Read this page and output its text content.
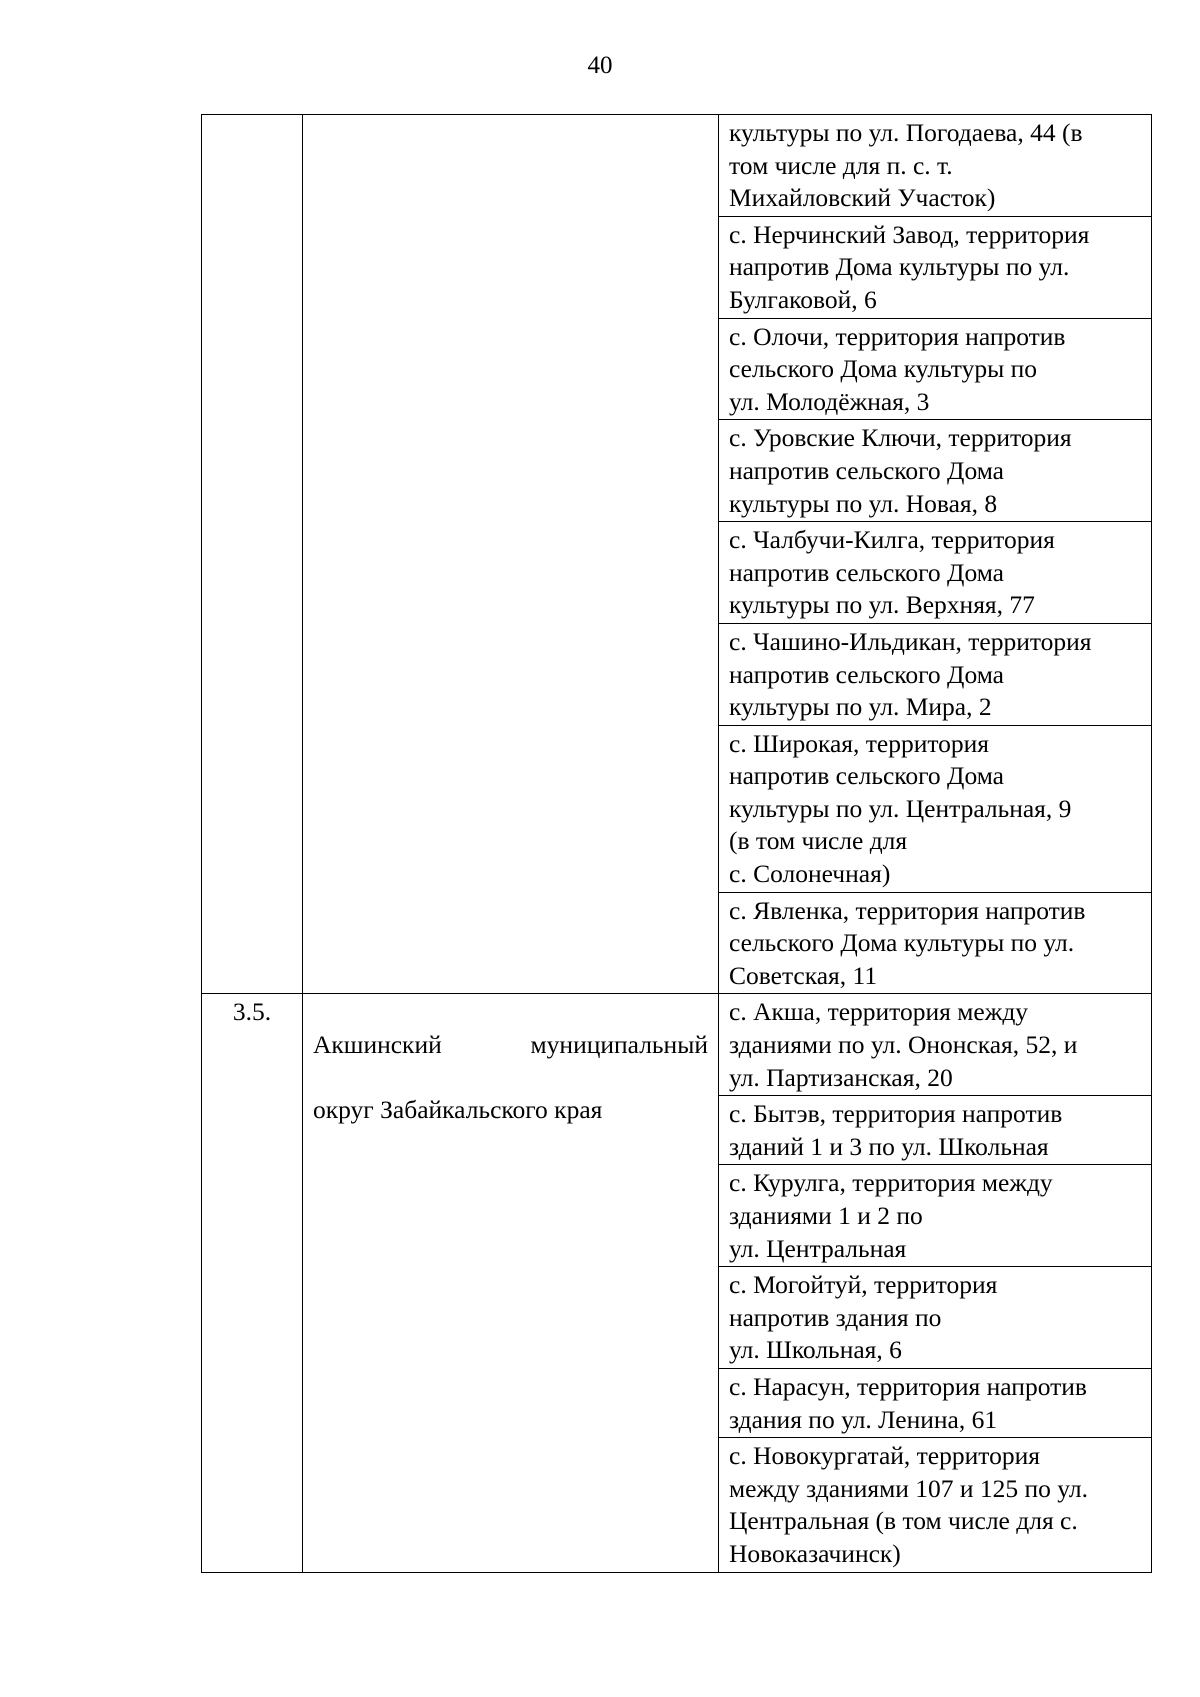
40
		культуры по ул. Погодаева, 44 (в
том числе для п. с. т.
Михайловский Участок)
		с. Нерчинский Завод, территория
напротив Дома культуры по ул.
Булгаковой, 6
		с. Олочи, территория напротив
сельского Дома культуры по
ул. Молодёжная, 3
		с. Уровские Ключи, территория
напротив сельского Дома
культуры по ул. Новая, 8
		с. Чалбучи-Килга, территория
напротив сельского Дома
культуры по ул. Верхняя, 77
		с. Чашино-Ильдикан, территория
напротив сельского Дома
культуры по ул. Мира, 2
		с. Широкая, территория
напротив сельского Дома
культуры по ул. Центральная, 9
(в том числе для
с. Солонечная)
		с. Явленка, территория напротив
сельского Дома культуры по ул.
Советская, 11
3.5.	Акшинский муниципальный

округ Забайкальского края	с. Акша, территория между
зданиями по ул. Ононская, 52, и
ул. Партизанская, 20
		с. Бытэв, территория напротив
зданий 1 и 3 по ул. Школьная
		с. Курулга, территория между
зданиями 1 и 2 по
ул. Центральная
		с. Могойтуй, территория
напротив здания по
ул. Школьная, 6
		с. Нарасун, территория напротив
здания по ул. Ленина, 61
		с. Новокургатай, территория
между зданиями 107 и 125 по ул.
Центральная (в том числе для с.
Новоказачинск)
